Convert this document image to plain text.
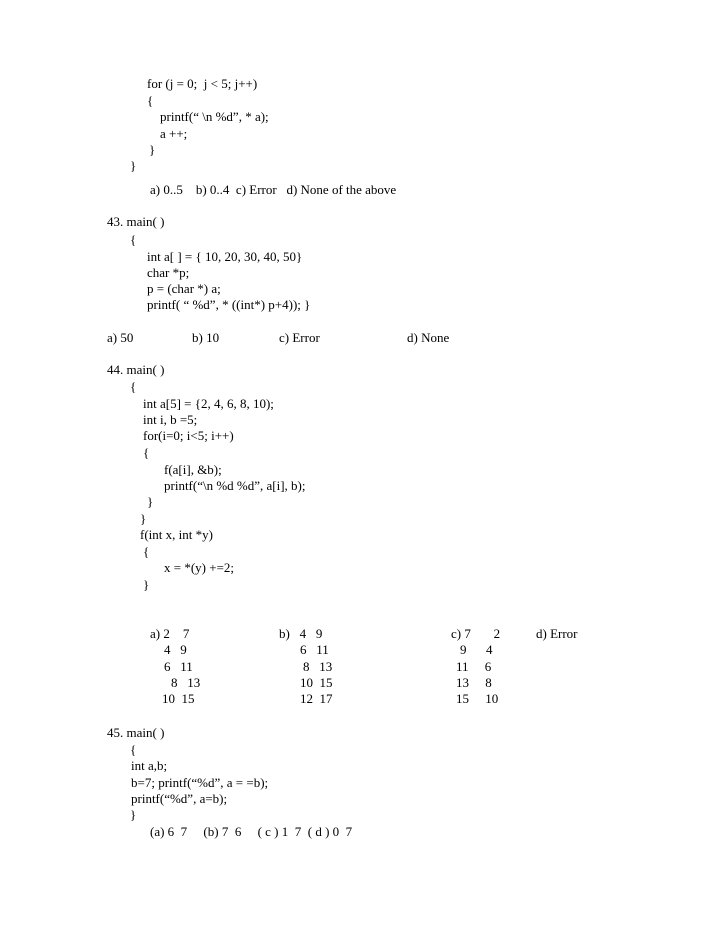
for (j = 0;  j < 5; j++)
{
printf(“ \n %d”, * a);
a ++;
}
}
a) 0..5    b) 0..4  c) Error   d) None of the above
43. main( )
{
int a[ ] = { 10, 20, 30, 40, 50}
char *p;
p = (char *) a;
printf( “ %d”, * ((int*) p+4)); }
a) 50	b) 10	c) Error	d) None
44. main( )
{
int a[5] = {2, 4, 6, 8, 10);
int i, b =5;
for(i=0; i<5; i++)
{
f(a[i], &b);
printf(“\n %d %d”, a[i], b);
}
}
f(int x, int *y)
{
x = *(y) +=2;
}
a) 2    7
4   9
6   11
8   13
10  15
b)   4   9
6   11
8   13
10  15
12  17
c) 7       2
9      4
11     6
13     8
15     10
d) Error
45. main( )
{
int a,b;
b=7; printf(“%d”, a = =b);
printf(“%d”, a=b);
}
(a) 6  7     (b) 7  6     ( c ) 1  7  ( d ) 0  7
